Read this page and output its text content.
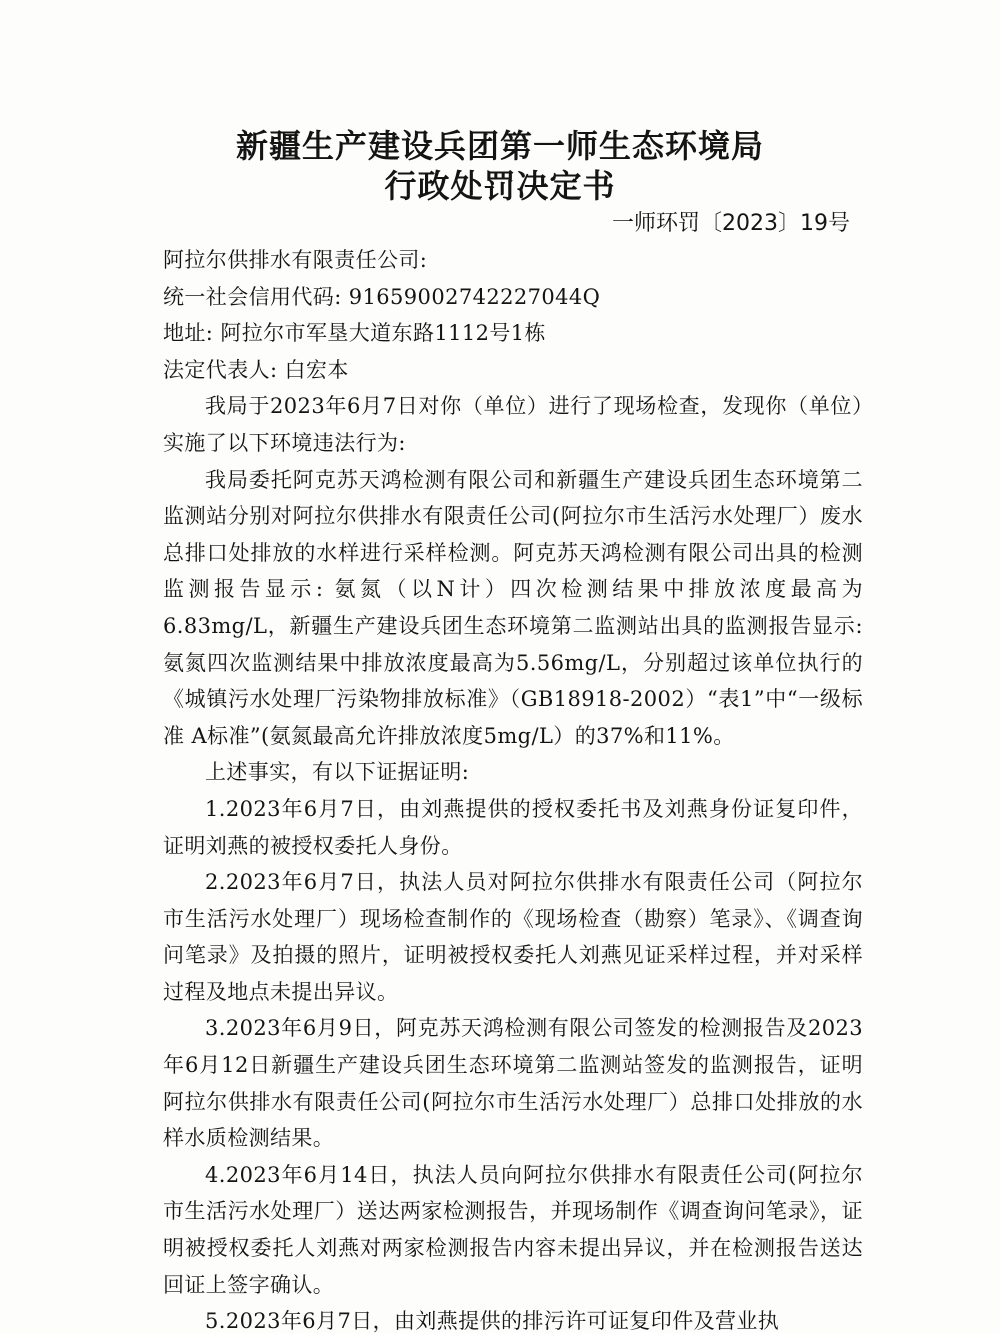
新疆生产建设兵团第一师生态环境局
行政处罚决定书
一师环罚〔2023〕19号

阿拉尔供排水有限责任公司:

统一社会信用代码: 91659002742227044Q

地址: 阿拉尔市军垦大道东路1112号1栋

法定代表人: 白宏本

我局于2023年6月7日对你（单位）进行了现场检查，发现你（单位）实施了以下环境违法行为:

我局委托阿克苏天鸿检测有限公司和新疆生产建设兵团生态环境第二监测站分别对阿拉尔供排水有限责任公司(阿拉尔市生活污水处理厂）废水总排口处排放的水样进行采样检测。阿克苏天鸿检测有限公司出具的检测监测报告显示: 氨氮（以N计）四次检测结果中排放浓度最高为6.83mg/L，新疆生产建设兵团生态环境第二监测站出具的监测报告显示: 氨氮四次监测结果中排放浓度最高为5.56mg/L，分别超过该单位执行的《城镇污水处理厂污染物排放标准》（GB18918-2002）“表1”中“一级标准 A标准”(氨氮最高允许排放浓度5mg/L）的37%和11%。

上述事实，有以下证据证明:

1.2023年6月7日，由刘燕提供的授权委托书及刘燕身份证复印件，证明刘燕的被授权委托人身份。

2.2023年6月7日，执法人员对阿拉尔供排水有限责任公司（阿拉尔市生活污水处理厂）现场检查制作的《现场检查（勘察）笔录》、《调查询问笔录》及拍摄的照片，证明被授权委托人刘燕见证采样过程，并对采样过程及地点未提出异议。

3.2023年6月9日，阿克苏天鸿检测有限公司签发的检测报告及2023年6月12日新疆生产建设兵团生态环境第二监测站签发的监测报告，证明阿拉尔供排水有限责任公司(阿拉尔市生活污水处理厂）总排口处排放的水样水质检测结果。

4.2023年6月14日，执法人员向阿拉尔供排水有限责任公司(阿拉尔市生活污水处理厂）送达两家检测报告，并现场制作《调查询问笔录》，证明被授权委托人刘燕对两家检测报告内容未提出异议，并在检测报告送达回证上签字确认。

5.2023年6月7日，由刘燕提供的排污许可证复印件及营业执
